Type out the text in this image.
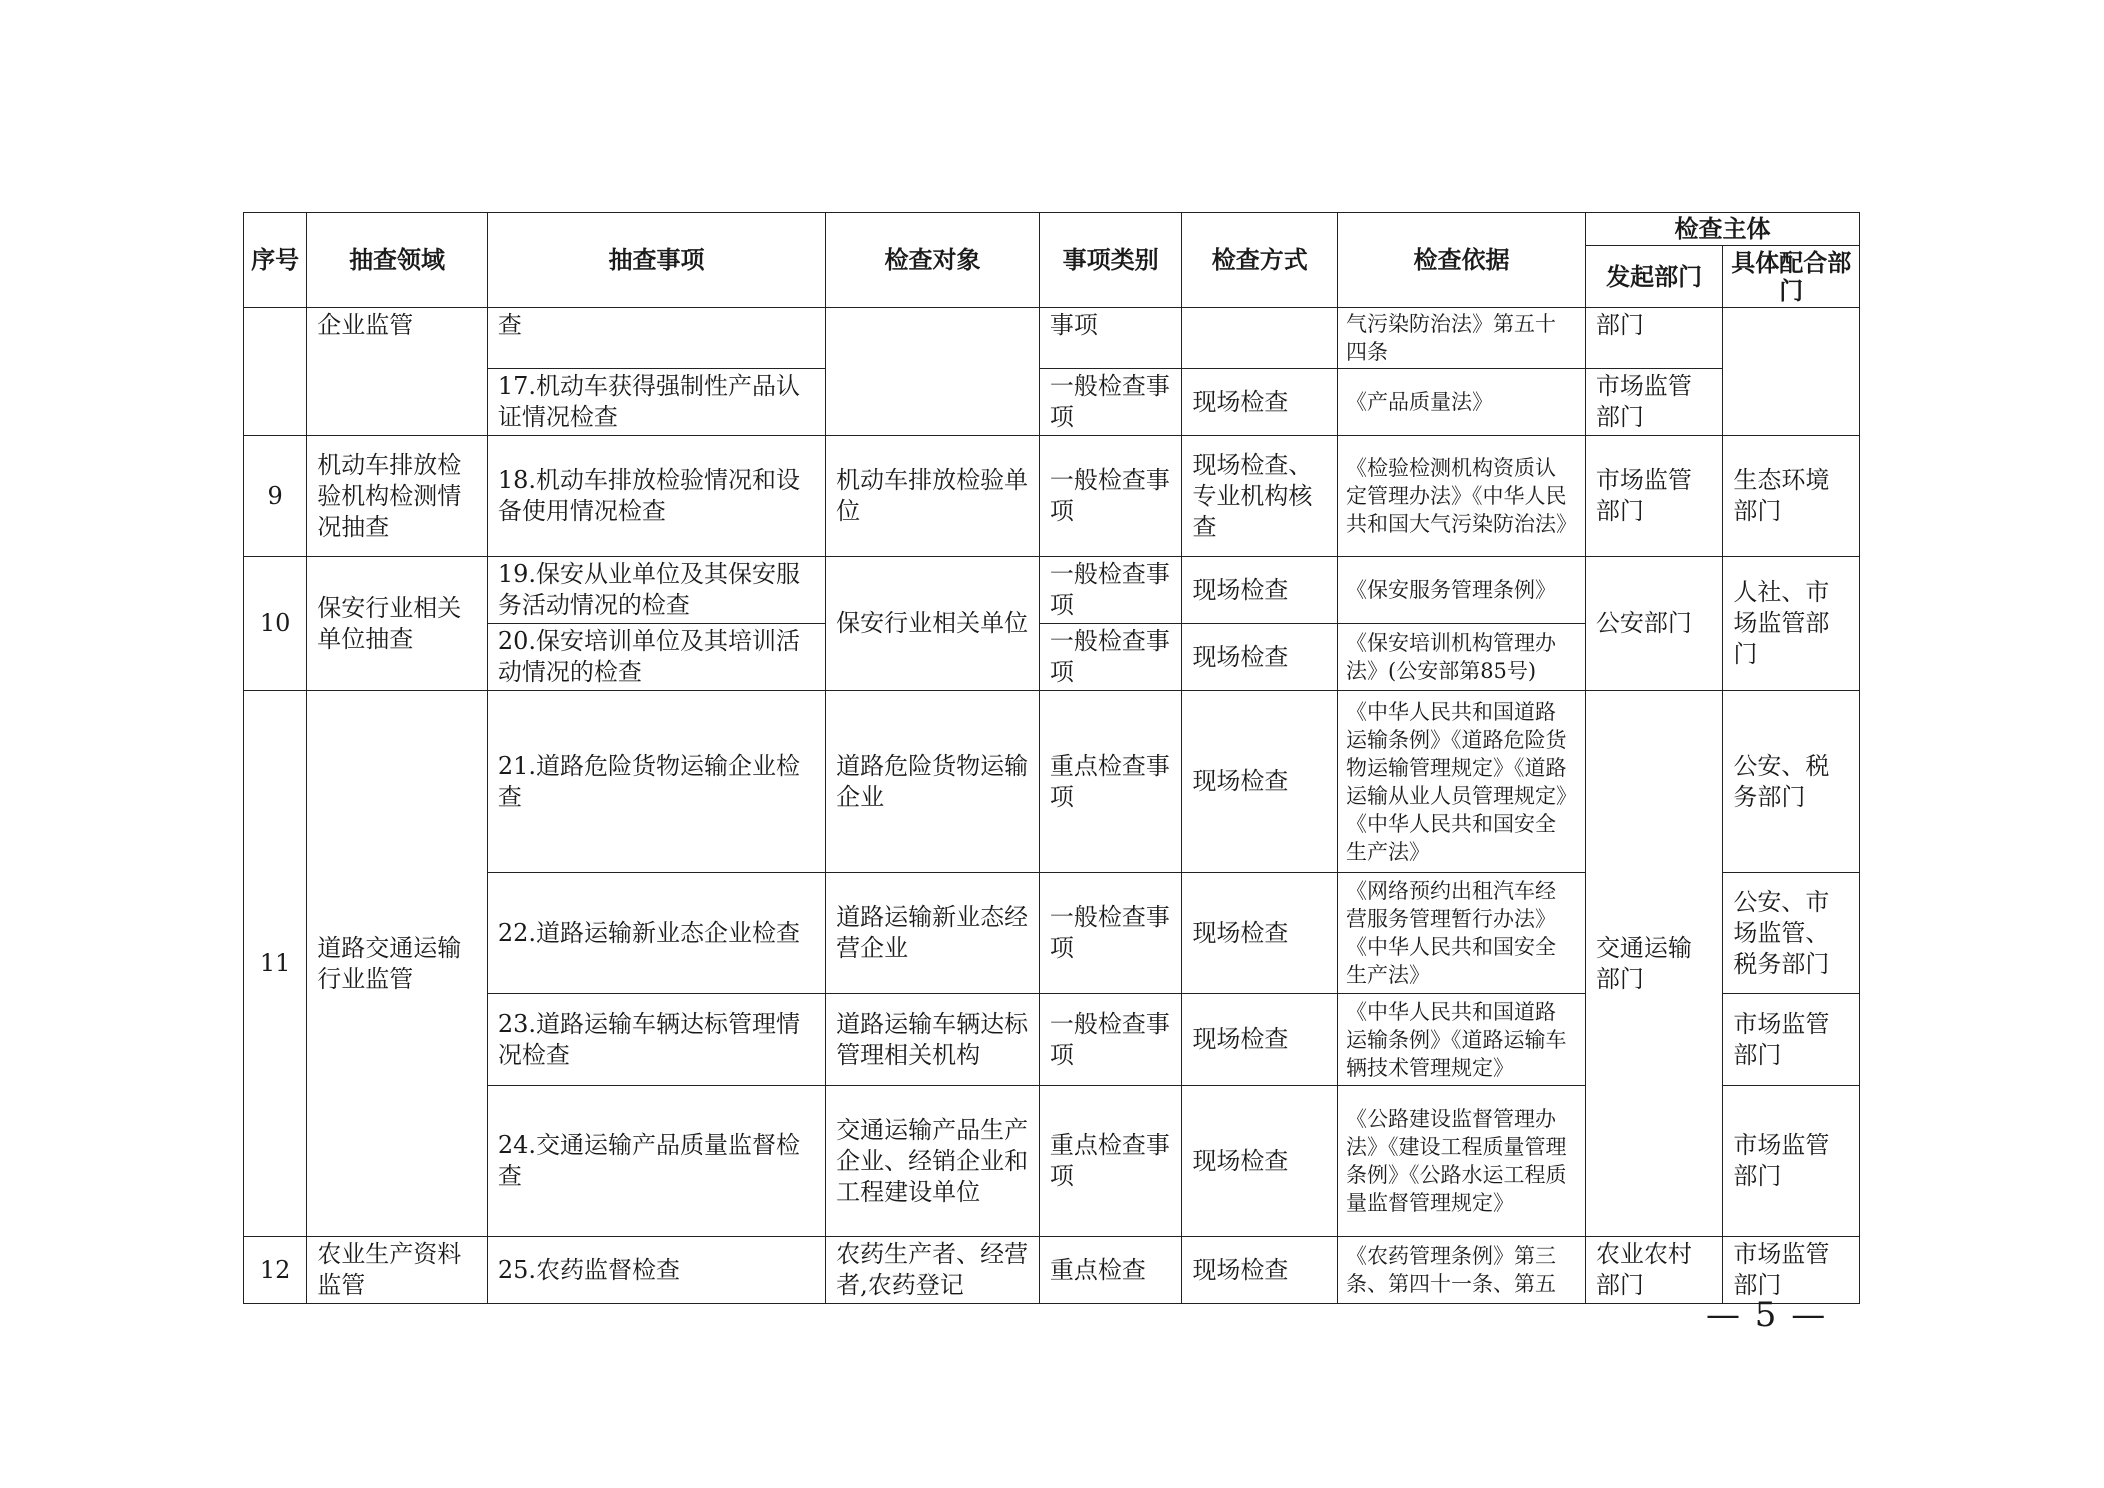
序号	抽查领域	抽查事项	检查对象	事项类别	检查方式	检查依据	检查主体	
							发起部门	具体配合部门
	企业监管	查		事项		气污染防治法》第五十四条	部门	
		17.机动车获得强制性产品认证情况检查		一般检查事项	现场检查	《产品质量法》	市场监管部门	
9	机动车排放检验机构检测情况抽查	18.机动车排放检验情况和设备使用情况检查	机动车排放检验单位	一般检查事项	现场检查、专业机构核查	《检验检测机构资质认定管理办法》《中华人民共和国大气污染防治法》	市场监管部门	生态环境部门
10	保安行业相关单位抽查	19.保安从业单位及其保安服务活动情况的检查	保安行业相关单位	一般检查事项	现场检查	《保安服务管理条例》	公安部门	人社、市场监管部门
		20.保安培训单位及其培训活动情况的检查		一般检查事项	现场检查	《保安培训机构管理办法》(公安部第85号)		
11	道路交通运输行业监管	21.道路危险货物运输企业检查	道路危险货物运输企业	重点检查事项	现场检查	《中华人民共和国道路运输条例》《道路危险货物运输管理规定》《道路运输从业人员管理规定》《中华人民共和国安全生产法》	交通运输部门	公安、税务部门
		22.道路运输新业态企业检查	道路运输新业态经营企业	一般检查事项	现场检查	《网络预约出租汽车经营服务管理暂行办法》《中华人民共和国安全生产法》		公安、市场监管、税务部门
		23.道路运输车辆达标管理情况检查	道路运输车辆达标管理相关机构	一般检查事项	现场检查	《中华人民共和国道路运输条例》《道路运输车辆技术管理规定》		市场监管部门
		24.交通运输产品质量监督检查	交通运输产品生产企业、经销企业和工程建设单位	重点检查事项	现场检查	《公路建设监督管理办法》《建设工程质量管理条例》《公路水运工程质量监督管理规定》		市场监管部门
12	农业生产资料监管	25.农药监督检查	农药生产者、经营者,农药登记	重点检查	现场检查	《农药管理条例》第三条、第四十一条、第五	农业农村部门	市场监管部门
— 5 —
